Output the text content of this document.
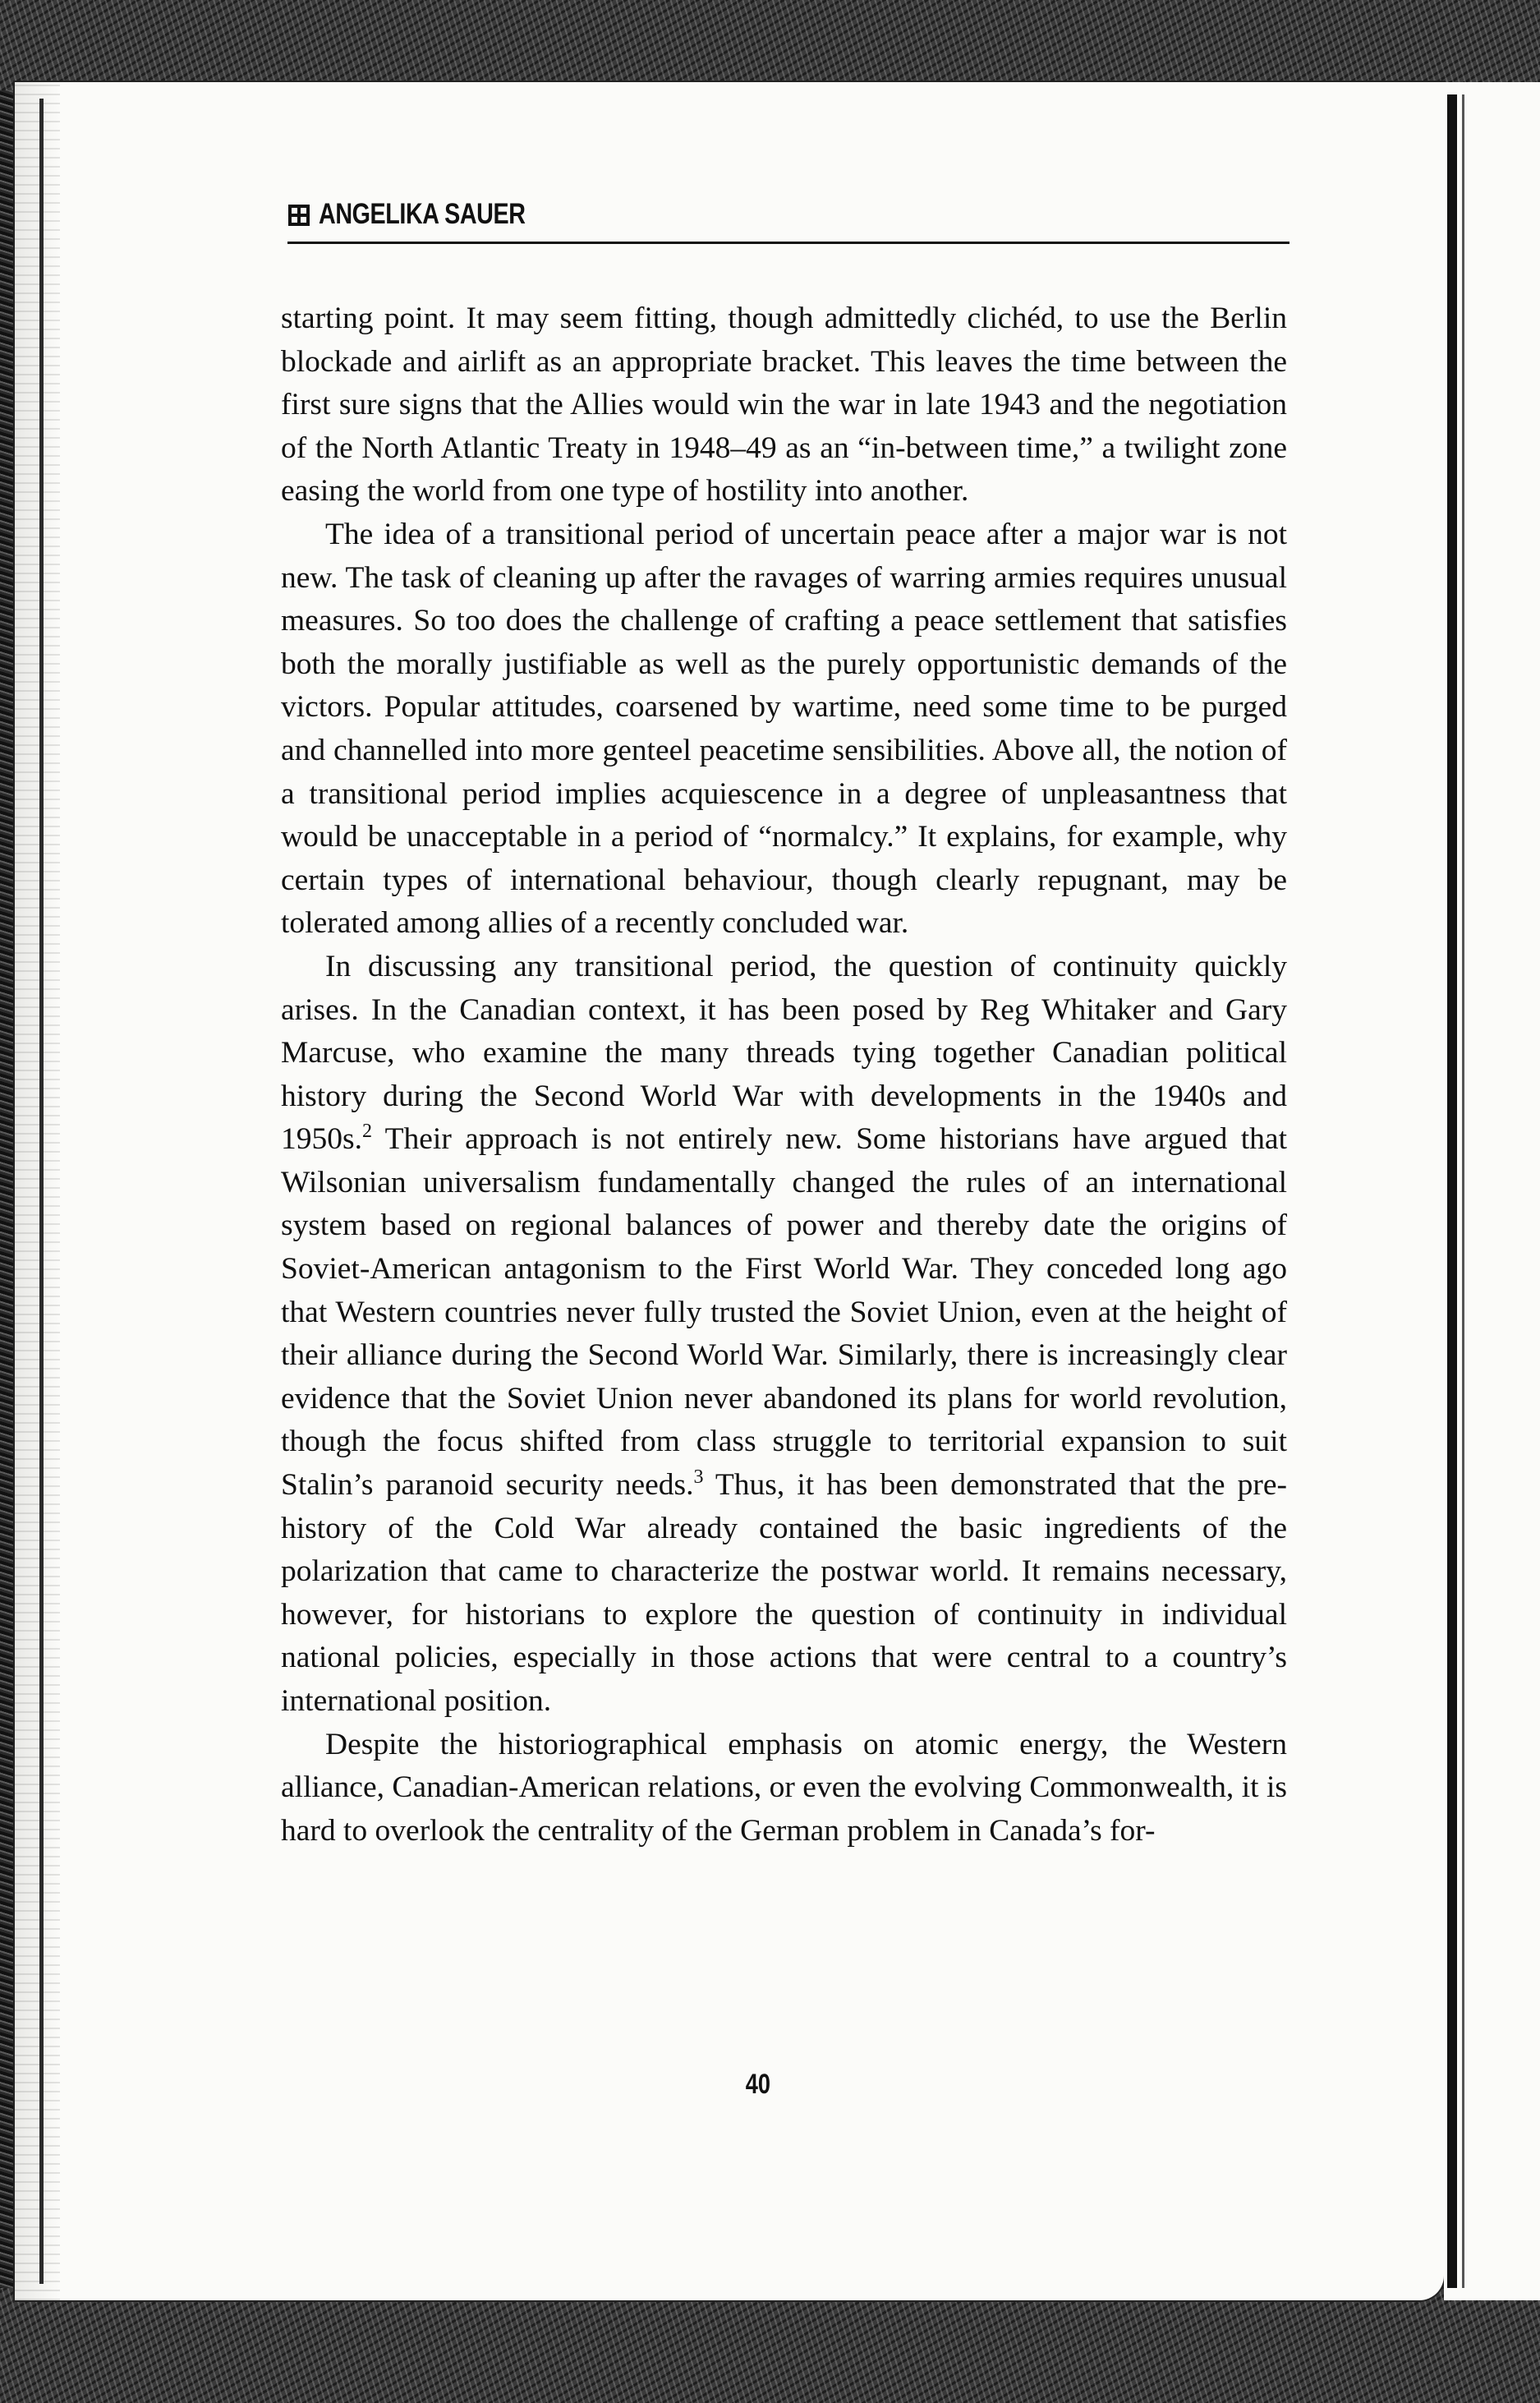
ANGELIKA SAUER

starting point. It may seem fitting, though admittedly clichéd, to use the Berlin blockade and airlift as an appropriate bracket. This leaves the time between the first sure signs that the Allies would win the war in late 1943 and the negotiation of the North Atlantic Treaty in 1948–49 as an “in-between time,” a twilight zone easing the world from one type of hostility into another.

The idea of a transitional period of uncertain peace after a major war is not new. The task of cleaning up after the ravages of warring armies requires unusual measures. So too does the challenge of crafting a peace settlement that satisfies both the morally justifiable as well as the purely opportunistic demands of the victors. Popular attitudes, coarsened by wartime, need some time to be purged and channelled into more genteel peacetime sensibilities. Above all, the notion of a transitional period implies acquiescence in a degree of unpleasantness that would be unacceptable in a period of “normalcy.” It explains, for example, why certain types of international behaviour, though clearly repugnant, may be tolerated among allies of a recently concluded war.

In discussing any transitional period, the question of continuity quickly arises. In the Canadian context, it has been posed by Reg Whitaker and Gary Marcuse, who examine the many threads tying together Canadian political history during the Second World War with developments in the 1940s and 1950s.$^2$ Their approach is not entirely new. Some historians have argued that Wilsonian universalism fundamentally changed the rules of an international system based on regional balances of power and thereby date the origins of Soviet-American antagonism to the First World War. They conceded long ago that Western countries never fully trusted the Soviet Union, even at the height of their alliance during the Second World War. Similarly, there is increasingly clear evidence that the Soviet Union never abandoned its plans for world revolution, though the focus shifted from class struggle to territorial expansion to suit Stalin’s paranoid security needs.$^3$ Thus, it has been demonstrated that the pre-history of the Cold War already contained the basic ingredients of the polarization that came to characterize the postwar world. It remains necessary, however, for historians to explore the question of continuity in individual national policies, especially in those actions that were central to a country’s international position.

Despite the historiographical emphasis on atomic energy, the Western alliance, Canadian-American relations, or even the evolving Commonwealth, it is hard to overlook the centrality of the German problem in Canada’s for-

40
